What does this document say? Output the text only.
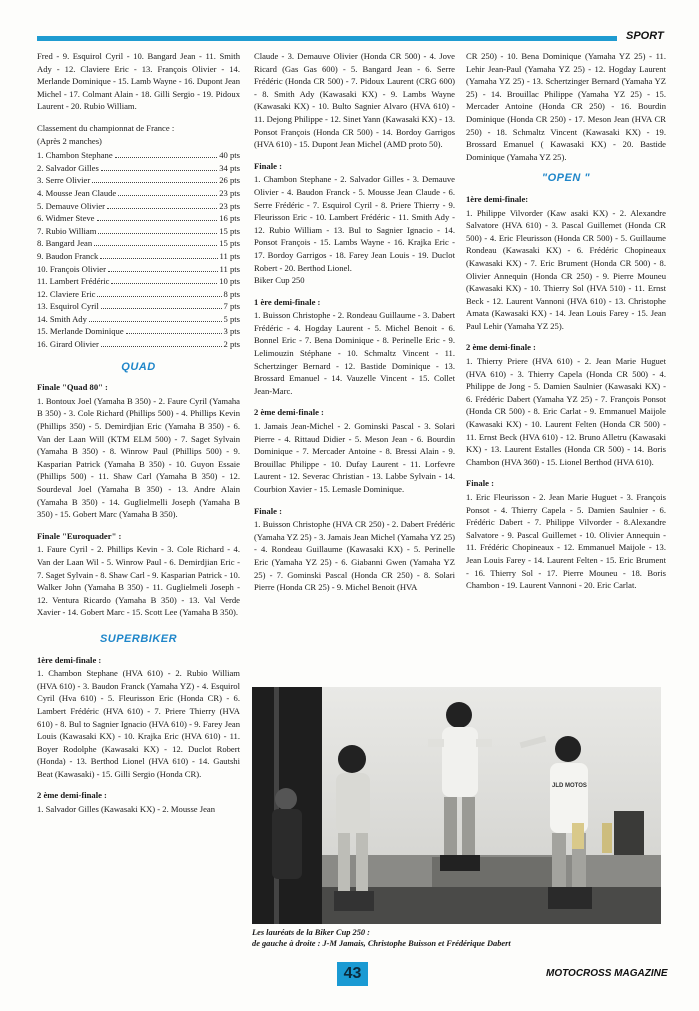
SPORT

Fred - 9. Esquirol Cyril - 10. Bangard Jean - 11. Smith Ady - 12. Claviere Eric - 13. François Olivier - 14. Merlande Dominique - 15. Lamb Wayne - 16. Dupont Jean Michel - 17. Colmant Alain - 18. Gilli Sergio - 19. Pidoux Laurent - 20. Rubio William.

Classement du championnat de France :

(Après 2 manches)

1. Chambon Stephane	40 pts
2. Salvador Gilles	34 pts
3. Serre Olivier	26 pts
4. Mousse Jean Claude	23 pts
5. Demauve Olivier	23 pts
6. Widmer Steve	16 pts
7. Rubio William	15 pts
8. Bangard Jean	15 pts
9. Baudon Franck	11 pts
10. François Olivier	11 pts
11. Lambert Frédéric	10 pts
12. Claviere Eric	8 pts
13. Esquirol Cyril	7 pts
14. Smith Ady	5 pts
15. Merlande Dominique	3 pts
16. Girard Olivier	2 pts
QUAD

Finale "Quad 80" :

1. Bontoux Joel (Yamaha B 350) - 2. Faure Cyril (Yamaha B 350) - 3. Cole Richard (Phillips 500) - 4. Phillips Kevin (Phillips 350) - 5. Demirdjian Eric (Yamaha B 350) - 6. Van der Laan Will (KTM ELM 500) - 7. Saget Sylvain (Yamaha B 350) - 8. Winrow Paul (Phillips 500) - 9. Kasparian Patrick (Yamaha B 350) - 10. Guyon Essaie (Phillips 500) - 11. Shaw Carl (Yamaha B 350) - 12. Sourdeval Joel (Yamaha B 350) - 13. Andre Alain (Yamaha B 350) - 14. Guglielmelli Joseph (Yamaha B 350) - 15. Gobert Marc (Yamaha B 350).

Finale "Euroquader" :

1. Faure Cyril - 2. Phillips Kevin - 3. Cole Richard - 4. Van der Laan Wil - 5. Winrow Paul - 6. Demirdjian Eric - 7. Saget Sylvain - 8. Shaw Carl - 9. Kasparian Patrick - 10. Walker John (Yamaha B 350) - 11. Guglielmeli Joseph - 12. Ventura Ricardo (Yamaha B 350) - 13. Val Verde Xavier - 14. Gobert Marc - 15. Scott Lee (Yamaha B 350).

SUPERBIKER

1ère demi-finale :

1. Chambon Stephane (HVA 610) - 2. Rubio William (HVA 610) - 3. Baudon Franck (Yamaha YZ) - 4. Esquirol Cyril (Hva 610) - 5. Fleurisson Eric (Honda CR) - 6. Lambert Frédéric (HVA 610) - 7. Priere Thierry (HVA 610) - 8. Bul to Sagnier Ignacio (HVA 610) - 9. Farey Jean Louis (Kawasaki KX) - 10. Krajka Eric (HVA 610) - 11. Boyer Rodolphe (Kawasaki KX) - 12. Duclot Robert (Honda) - 13. Berthod Lionel (HVA 610) - 14. Gautshi Beat (Kawasaki) - 15. Gilli Sergio (Honda CR).

2 ème demi-finale :

1. Salvador Gilles (Kawasaki KX) - 2. Mousse Jean

Claude - 3. Demauve Olivier (Honda CR 500) - 4. Jove Ricard (Gas Gas 600) - 5. Bangard Jean - 6. Serre Frédéric (Honda CR 500) - 7. Pidoux Laurent (CRG 600) - 8. Smith Ady (Kawasaki KX) - 9. Lambs Wayne (Kawasaki KX) - 10. Bulto Sagnier Alvaro (HVA 610) - 11. Dejong Philippe - 12. Sinet Yann (Kawasaki KX) - 13. Ponsot François (Honda CR 500) - 14. Bordoy Garrigos (HVA 610) - 15. Dupont Jean Michel (AMD proto 50).

Finale :

1. Chambon Stephane - 2. Salvador Gilles - 3. Demauve Olivier - 4. Baudon Franck - 5. Mousse Jean Claude - 6. Serre Frédéric - 7. Esquirol Cyril - 8. Priere Thierry - 9. Fleurisson Eric - 10. Lambert Frédéric - 11. Smith Ady - 12. Rubio William - 13. Bul to Sagnier Ignacio - 14. Ponsot François - 15. Lambs Wayne - 16. Krajka Eric - 17. Bordoy Garrigos - 18. Farey Jean Louis - 19. Duclot Robert - 20. Berthod Lionel.

Biker Cup 250

1 ère demi-finale :

1. Buisson Christophe - 2. Rondeau Guillaume - 3. Dabert Frédéric - 4. Hogday Laurent - 5. Michel Benoit - 6. Bonnel Eric - 7. Bena Dominique - 8. Perinelle Eric - 9. Lelimouzin Stéphane - 10. Schmaltz Vincent - 11. Schertzinger Bernard - 12. Bastide Dominique - 13. Brossard Emanuel - 14. Vauzelle Vincent - 15. Collet Jean-Marc.

2 ème demi-finale :

1. Jamais Jean-Michel - 2. Gominski Pascal - 3. Solari Pierre - 4. Rittaud Didier - 5. Meson Jean - 6. Bourdin Dominique - 7. Mercader Antoine - 8. Bressi Alain - 9. Brouillac Philippe - 10. Dufay Laurent - 11. Lorfevre Laurent - 12. Severac Christian - 13. Labbe Sylvain - 14. Courbion Xavier - 15. Lemasle Dominique.

Finale :

1. Buisson Christophe (HVA CR 250) - 2. Dabert Frédéric (Yamaha YZ 25) - 3. Jamais Jean Michel (Yamaha YZ 25) - 4. Rondeau Guillaume (Kawasaki KX) - 5. Perinelle Eric (Yamaha YZ 25) - 6. Giabanni Gwen (Yamaha YZ 25) - 7. Gominski Pascal (Honda CR 250) - 8. Solari Pierre (Honda CR 25) - 9. Michel Benoit (HVA

CR 250) - 10. Bena Dominique (Yamaha YZ 25) - 11. Lehir Jean-Paul (Yamaha YZ 25) - 12. Hogday Laurent (Yamaha YZ 25) - 13. Schertzinger Bernard (Yamaha YZ 25) - 14. Brouillac Philippe (Yamaha YZ 25) - 15. Mercader Antoine (Honda CR 250) - 16. Bourdin Dominique (Honda CR 250) - 17. Meson Jean (HVA CR 250) - 18. Schmaltz Vincent (Kawasaki KX) - 19. Brossard Emanuel ( Kawasaki KX) - 20. Bastide Dominique (Yamaha YZ 25).

"OPEN "

1ère demi-finale:

1. Philippe Vilvorder (Kaw asaki KX) - 2. Alexandre Salvatore (HVA 610) - 3. Pascal Guillemet (Honda CR 500) - 4. Eric Fleurisson (Honda CR 500) - 5. Guillaume Rondeau (Kawasaki KX) - 6. Frédéric Chopineaux (Kawasaki KX) - 7. Eric Brument (Honda CR 500) - 8. Olivier Annequin (Honda CR 250) - 9. Pierre Mouneu (Kawasaki KX) - 10. Thierry Sol (HVA 510) - 11. Ernst Beck - 12. Laurent Vannoni (HVA 610) - 13. Christophe Amata (Kawasaki KX) - 14. Jean Louis Farey - 15. Jean Paul Lehir (Yamaha YZ 25).

2 ème demi-finale :

1. Thierry Priere (HVA 610) - 2. Jean Marie Huguet (HVA 610) - 3. Thierry Capela (Honda CR 500) - 4. Philippe de Jong - 5. Damien Saulnier (Kawasaki KX) - 6. Frédéric Dabert (Yamaha YZ 25) - 7. François Ponsot (Honda CR 500) - 8. Eric Carlat - 9. Emmanuel Maijole (Kawasaki KX) - 10. Laurent Felten (Honda CR 500) - 11. Ernst Beck (HVA 610) - 12. Bruno Alletru (Kawasaki KX) - 13. Laurent Estalles (Honda CR 500) - 14. Boris Chambon (HVA 360) - 15. Lionel Berthod (HVA 610).

Finale :

1. Eric Fleurisson - 2. Jean Marie Huguet - 3. François Ponsot - 4. Thierry Capela - 5. Damien Saulnier - 6. Frédéric Dabert - 7. Philippe Vilvorder - 8.Alexandre Salvatore - 9. Pascal Guillemet - 10. Olivier Annequin - 11. Frédéric Chopineaux - 12. Emmanuel Maijole - 13. Jean Louis Farey - 14. Laurent Felten - 15. Eric Brument - 16. Thierry Sol - 17. Pierre Mouneu - 18. Boris Chambon - 19. Laurent Vannoni - 20. Eric Carlat.

JLD MOTOS
Les lauréats de la Biker Cup 250 :
de gauche à droite : J-M Jamais, Christophe Buisson et Frédérique Dabert
43	MOTOCROSS MAGAZINE
